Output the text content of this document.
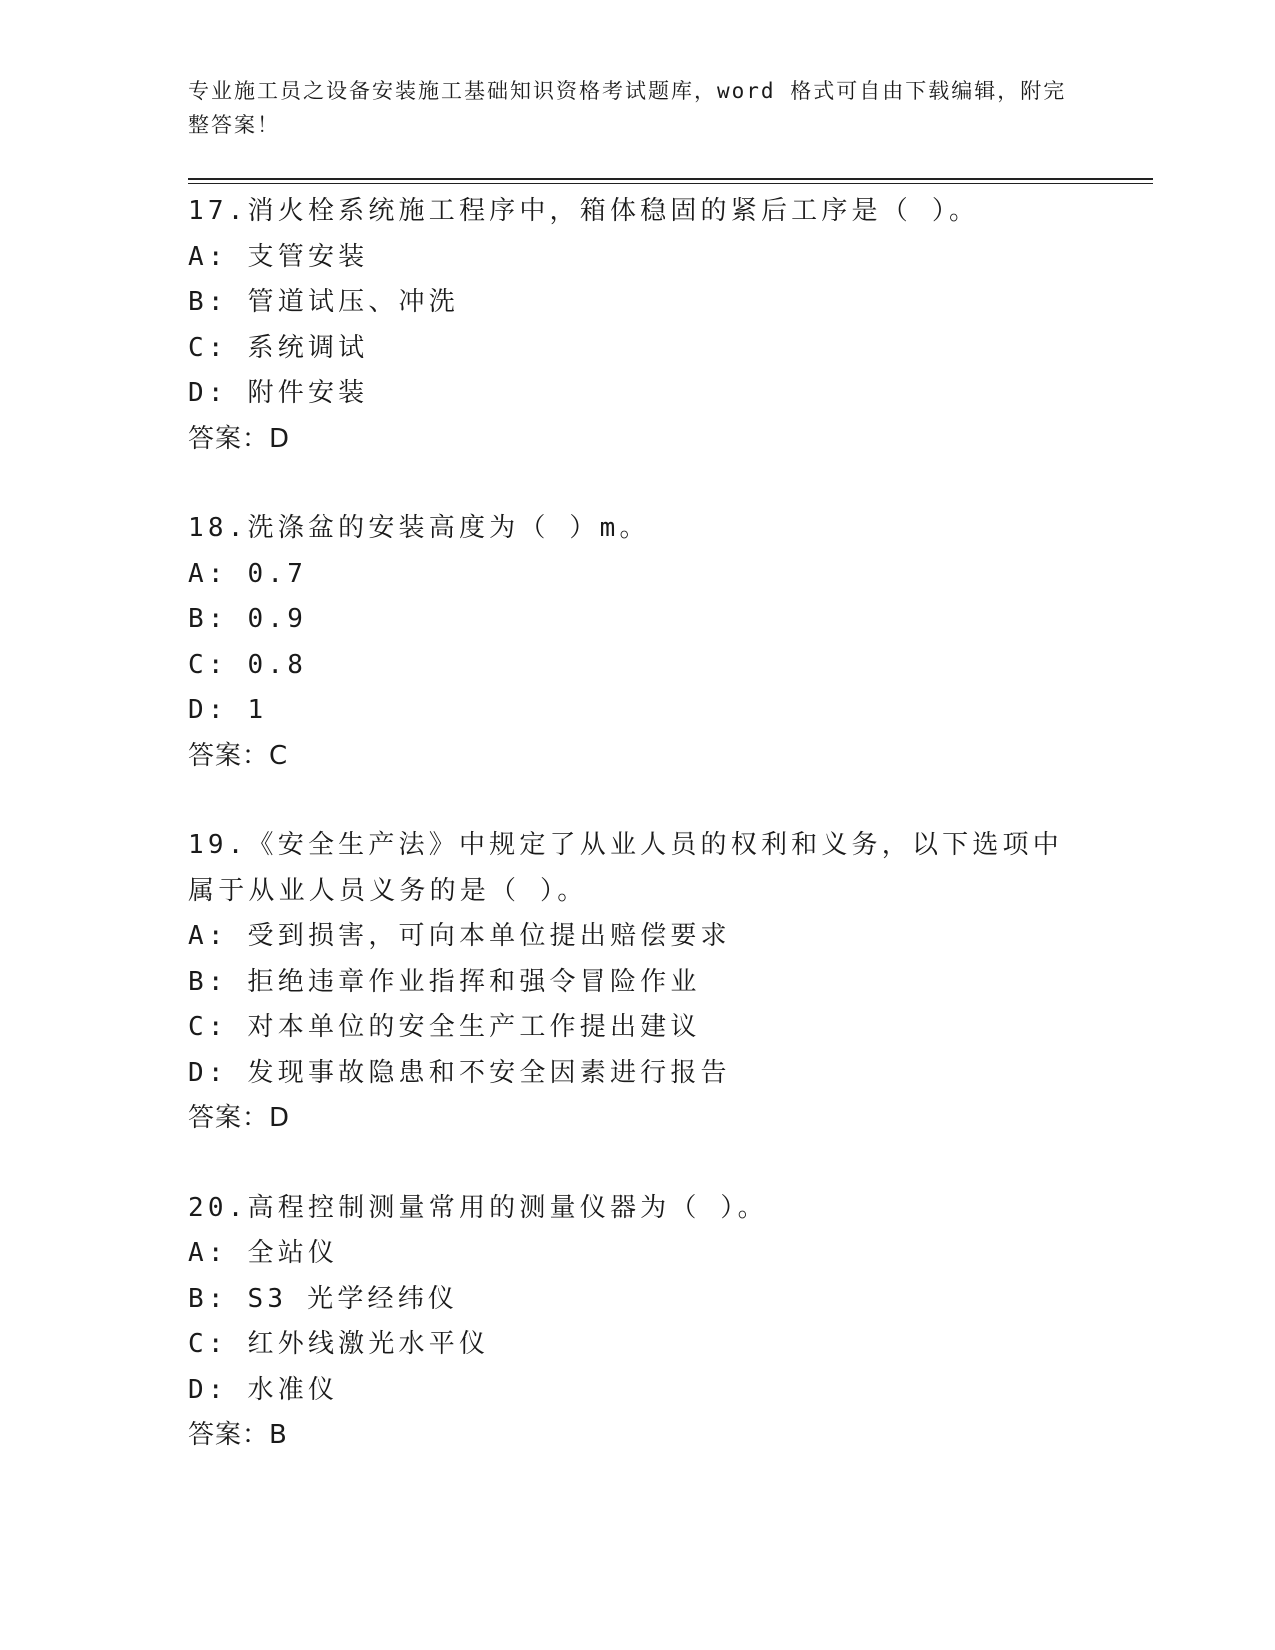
专业施工员之设备安装施工基础知识资格考试题库，word 格式可自由下载编辑，附完整答案！

17.消火栓系统施工程序中，箱体稳固的紧后工序是（ ）。

A: 支管安装

B: 管道试压、冲洗

C: 系统调试

D: 附件安装

答案：D

18.洗涤盆的安装高度为（ ）m。

A: 0.7

B: 0.9

C: 0.8

D: 1

答案：C

19.《安全生产法》中规定了从业人员的权利和义务，以下选项中属于从业人员义务的是（ ）。

A: 受到损害，可向本单位提出赔偿要求

B: 拒绝违章作业指挥和强令冒险作业

C: 对本单位的安全生产工作提出建议

D: 发现事故隐患和不安全因素进行报告

答案：D

20.高程控制测量常用的测量仪器为（ ）。

A: 全站仪

B: S3 光学经纬仪

C: 红外线激光水平仪

D: 水准仪

答案：B
